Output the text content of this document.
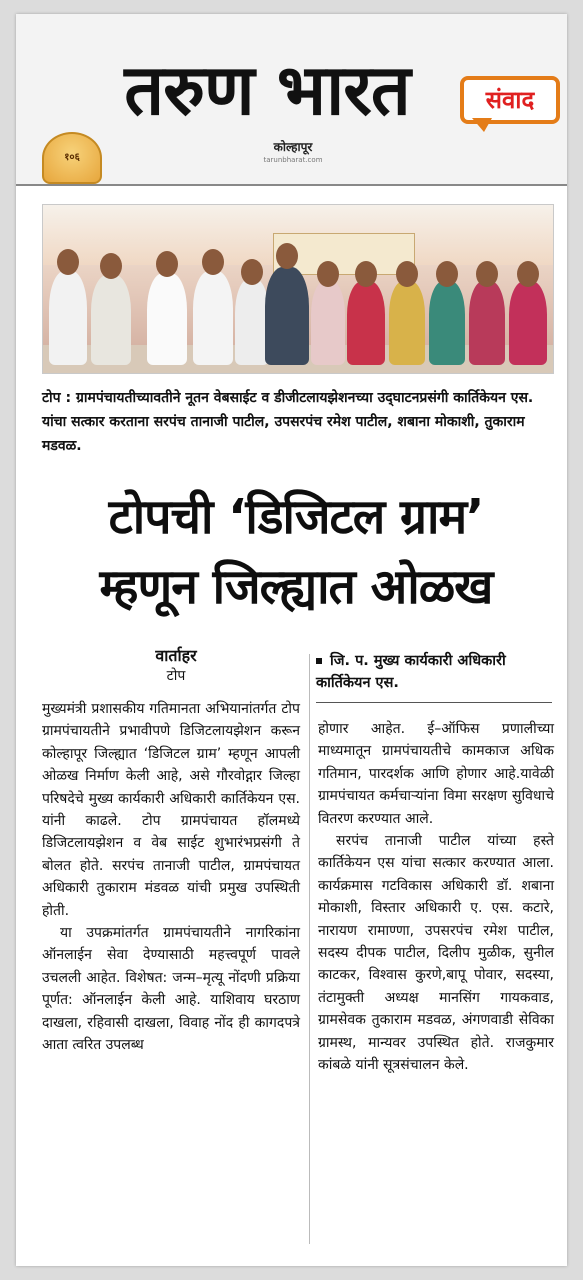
१०६
तरुण भारत	संवाद
कोल्हापूर
tarunbharat.com
टोप : ग्रामपंचायतीच्यावतीने नूतन वेबसाईट व डीजीटलायझेशनच्या उद्‌घाटनप्रसंगी कार्तिकेयन एस. यांचा सत्कार करताना सरपंच तानाजी पाटील, उपसरपंच रमेश पाटील, शबाना मोकाशी, तुकाराम मडवळ.
टोपची ‘डिजिटल ग्राम’
म्हणून जिल्ह्यात ओळख
वार्ताहर
टोप
जि. प. मुख्य कार्यकारी अधिकारी कार्तिकेयन एस.

मुख्यमंत्री प्रशासकीय गतिमानता अभियानांतर्गत टोप ग्रामपंचायतीने प्रभावीपणे डिजिटलायझेशन करून कोल्हापूर जिल्ह्यात ‘डिजिटल ग्राम’ म्हणून आपली ओळख निर्माण केली आहे, असे गौरवोद्गार जिल्हा परिषदेचे मुख्य कार्यकारी अधिकारी कार्तिकेयन एस. यांनी काढले. टोप ग्रामपंचायत हॉलमध्ये डिजिटलायझेशन व वेब साईट शुभारंभप्रसंगी ते बोलत होते. सरपंच तानाजी पाटील, ग्रामपंचायत अधिकारी तुकाराम मंडवळ यांची प्रमुख उपस्थिती होती.

या उपक्रमांतर्गत ग्रामपंचायतीने नागरिकांना ऑनलाईन सेवा देण्यासाठी महत्त्वपूर्ण पावले उचलली आहेत. विशेषत: जन्म–मृत्यू नोंदणी प्रक्रिया पूर्णत: ऑनलाईन केली आहे. याशिवाय घरठाण दाखला, रहिवासी दाखला, विवाह नोंद ही कागदपत्रे आता त्वरित उपलब्ध

होणार आहेत. ई–ऑफिस प्रणालीच्या माध्यमातून ग्रामपंचायतीचे कामकाज अधिक गतिमान, पारदर्शक आणि होणार आहे.यावेळी ग्रामपंचायत कर्मचाऱ्यांना विमा सरक्षण सुविधाचे वितरण करण्यात आले.

सरपंच तानाजी पाटील यांच्या हस्ते कार्तिकेयन एस यांचा सत्कार करण्यात आला. कार्यक्रमास गटविकास अधिकारी डॉ. शबाना मोकाशी, विस्तार अधिकारी ए. एस. कटारे, नारायण रामाण्णा, उपसरपंच रमेश पाटील, सदस्य दीपक पाटील, दिलीप मुळीक, सुनील काटकर, विश्वास कुरणे,बापू पोवार, सदस्या, तंटामुक्ती अध्यक्ष मानसिंग गायकवाड, ग्रामसेवक तुकाराम मडवळ, अंगणवाडी सेविका ग्रामस्थ, मान्यवर उपस्थित होते. राजकुमार कांबळे यांनी सूत्रसंचालन केले.
